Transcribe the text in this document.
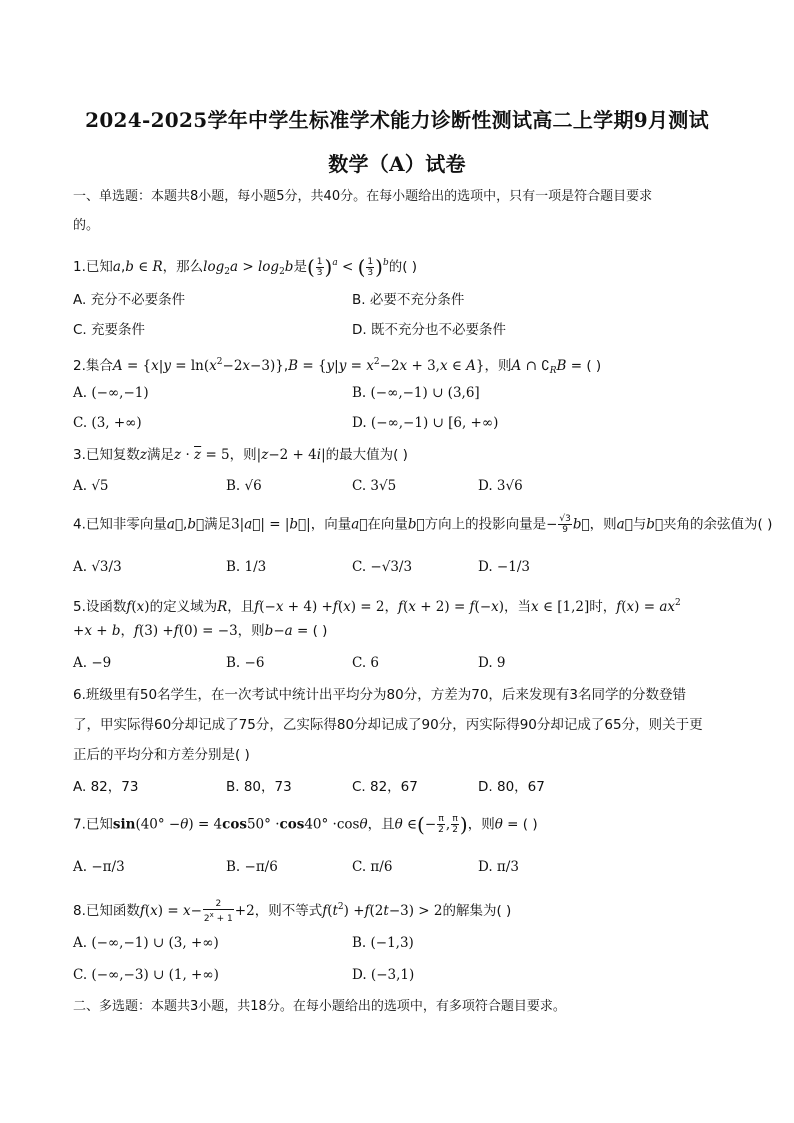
2024-2025学年中学生标准学术能力诊断性测试高二上学期9月测试
数学（A）试卷
一、单选题：本题共8小题，每小题5分，共40分。在每小题给出的选项中，只有一项是符合题目要求
的。
1.已知a,b ∈ R，那么$\log_2a > \log_2b$是( $\frac{1}{3} )^a$ < ( $\frac{1}{3} )^b$的( )
A. 充分不必要条件	B. 必要不充分条件
C. 充要条件	D. 既不充分也不必要条件
2.集合$A = \{x|y = \ln(x^2-2x-3)\},B = \{y|y = x^2-2x + 3,x$ ∈ A}，则A ∩ $∁_RB$ = ( )
A. (−∞,−1)	B. (−∞,−1) ∪ (3,6]
C. (3, +∞)	D. (−∞,−1) ∪ [6, +∞)
3.已知复数z满足$z \cdot \overline{z} = 5$，则|z−2 + 4i|的最大值为( )
A. √5	B. √6	C. 3√5	D. 3√6
4.已知非零向量a⃗,b⃗满足3|a⃗| = |b⃗|，向量a⃗在向量b⃗方向上的投影向量是− $\frac{√3}{9}$ b⃗，则a⃗与b⃗夹角的余弦值为( )
A. √3/3	B. 1/3	C. −√3/3	D. −1/3
5.设函数f(x)的定义域为R，且f(−x + 4) +f(x) = 2，f(x + 2) = f(−x)，当x ∈ [1,2]时，$f(x) = ax^2$
+x + b，f(3) +f(0) = −3，则b−a = ( )
A. −9	B. −6	C. 6	D. 9
6.班级里有50名学生，在一次考试中统计出平均分为80分，方差为70，后来发现有3名同学的分数登错
了，甲实际得60分却记成了75分，乙实际得80分却记成了90分，丙实际得90分却记成了65分，则关于更
正后的平均分和方差分别是( )
A. 82，73	B. 80，73	C. 82，67	D. 80，67
7.已知sin(40° −θ) = 4cos50° ·cos40° ·cosθ，且θ ∈(− $\frac{\pi}{2}$ , $\frac{\pi}{2}$ )，则θ = ( )
A. −π/3	B. −π/6	C. π/6	D. π/3
8.已知函数$f(x) = x- \frac{2}{2^x + 1} +2$，则不等式$f(t^2) +f(2t-3) > 2$的解集为( )
A. (−∞,−1) ∪ (3, +∞)	B. (−1,3)
C. (−∞,−3) ∪ (1, +∞)	D. (−3,1)
二、多选题：本题共3小题，共18分。在每小题给出的选项中，有多项符合题目要求。
